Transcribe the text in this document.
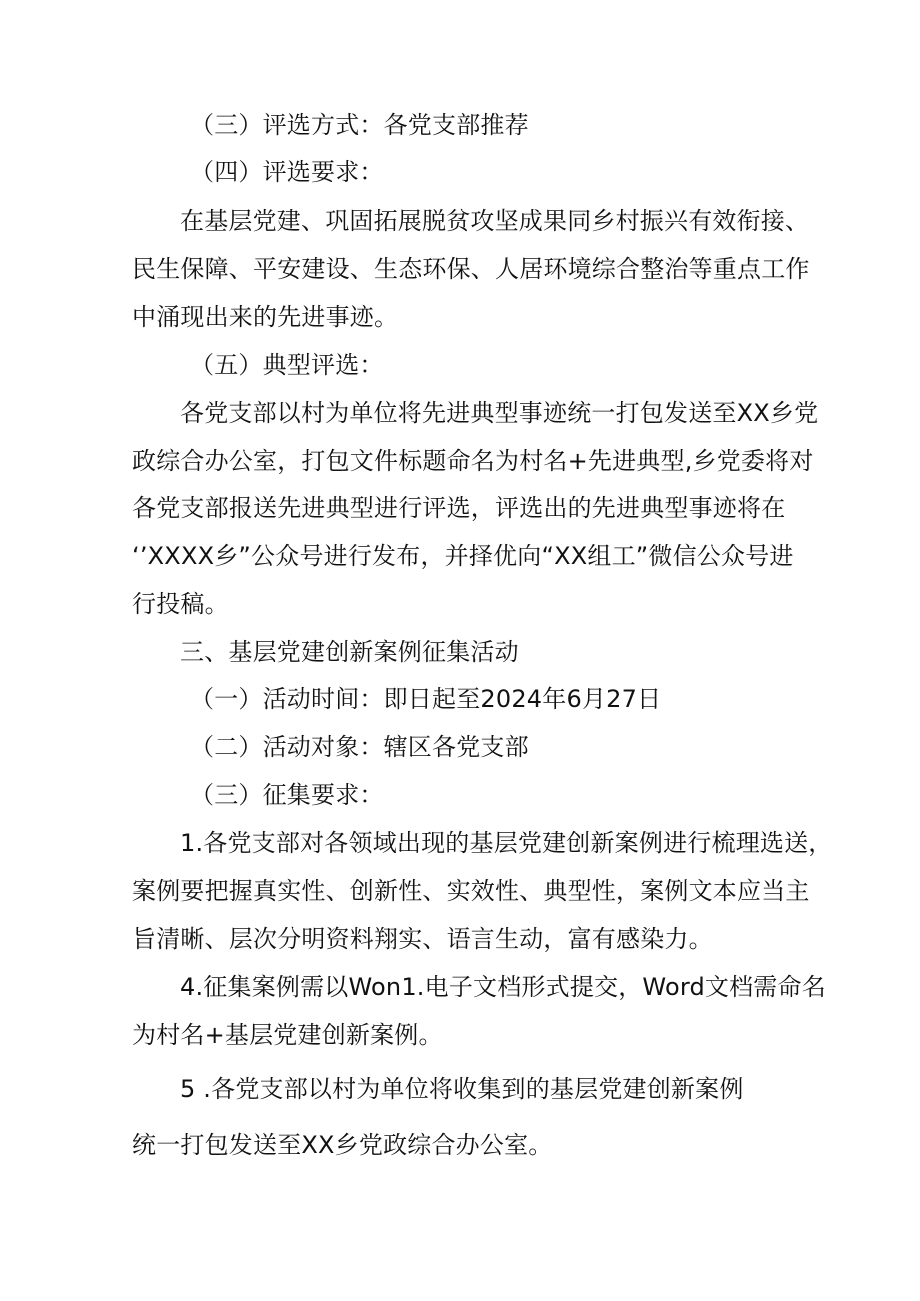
（三）评选方式：各党支部推荐
（四）评选要求：
在基层党建、巩固拓展脱贫攻坚成果同乡村振兴有效衔接、
民生保障、平安建设、生态环保、人居环境综合整治等重点工作
中涌现出来的先进事迹。
（五）典型评选：
各党支部以村为单位将先进典型事迹统一打包发送至XX乡党
政综合办公室，打包文件标题命名为村名+先进典型,乡党委将对
各党支部报送先进典型进行评选，评选出的先进典型事迹将在
‘’XXXX乡”公众号进行发布，并择优向“XX组工”微信公众号进
行投稿。
三、基层党建创新案例征集活动
（一）活动时间：即日起至2024年6月27日
（二）活动对象：辖区各党支部
（三）征集要求：
1.各党支部对各领域出现的基层党建创新案例进行梳理选送，
案例要把握真实性、创新性、实效性、典型性，案例文本应当主
旨清晰、层次分明资料翔实、语言生动，富有感染力。
4.征集案例需以Won1.电子文档形式提交，Word文档需命名
为村名+基层党建创新案例。
5 .各党支部以村为单位将收集到的基层党建创新案例
统一打包发送至XX乡党政综合办公室。
